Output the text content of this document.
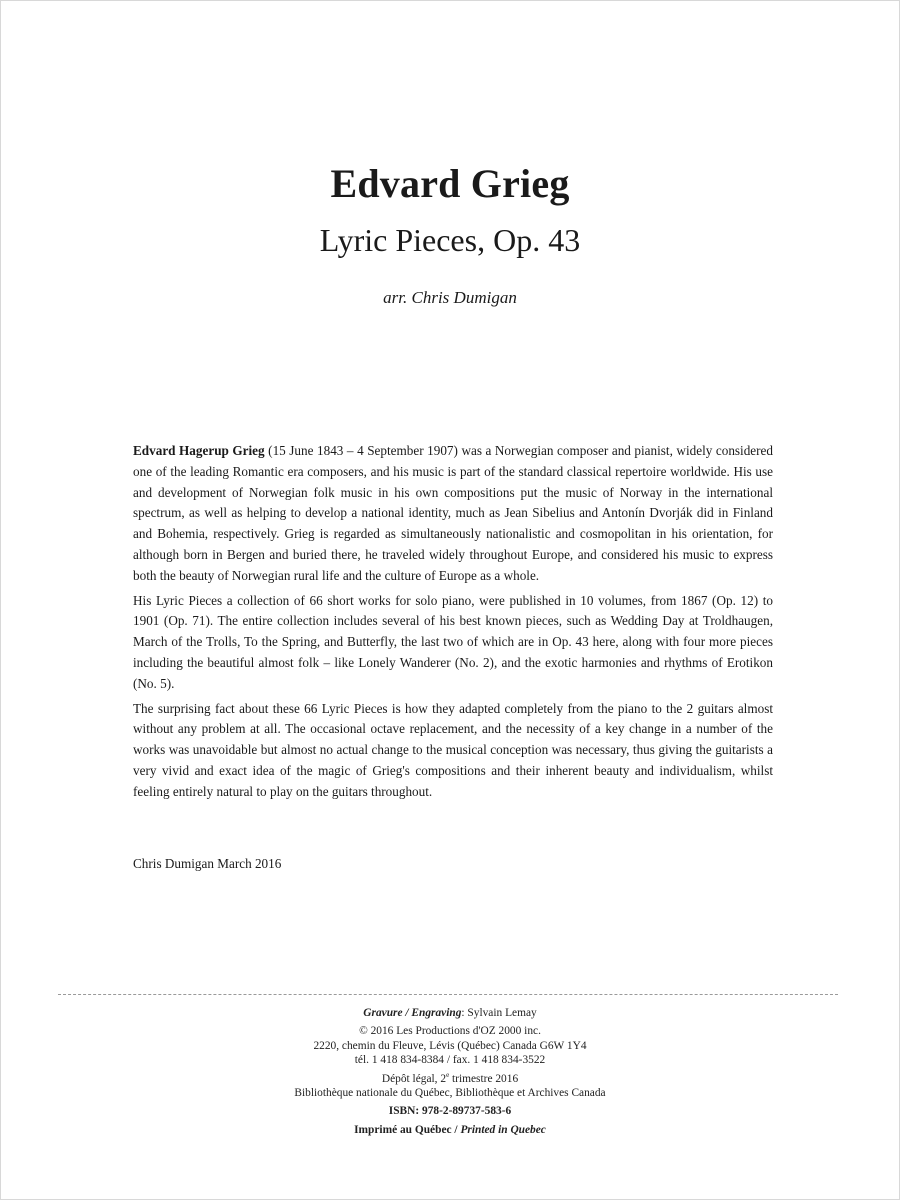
Edvard Grieg
Lyric Pieces, Op. 43
arr. Chris Dumigan

Edvard Hagerup Grieg (15 June 1843 – 4 September 1907) was a Norwegian composer and pianist, widely considered one of the leading Romantic era composers, and his music is part of the standard classical repertoire worldwide. His use and development of Norwegian folk music in his own compositions put the music of Norway in the international spectrum, as well as helping to develop a national identity, much as Jean Sibelius and Antonín Dvorják did in Finland and Bohemia, respectively. Grieg is regarded as simultaneously nationalistic and cosmopolitan in his orientation, for although born in Bergen and buried there, he traveled widely throughout Europe, and considered his music to express both the beauty of Norwegian rural life and the culture of Europe as a whole.

His Lyric Pieces a collection of 66 short works for solo piano, were published in 10 volumes, from 1867 (Op. 12) to 1901 (Op. 71). The entire collection includes several of his best known pieces, such as Wedding Day at Troldhaugen, March of the Trolls, To the Spring, and Butterfly, the last two of which are in Op. 43 here, along with four more pieces including the beautiful almost folk – like Lonely Wanderer (No. 2), and the exotic harmonies and rhythms of Erotikon (No. 5).

The surprising fact about these 66 Lyric Pieces is how they adapted completely from the piano to the 2 guitars almost without any problem at all. The occasional octave replacement, and the necessity of a key change in a number of the works was unavoidable but almost no actual change to the musical conception was necessary, thus giving the guitarists a very vivid and exact idea of the magic of Grieg's compositions and their inherent beauty and individualism, whilst feeling entirely natural to play on the guitars throughout.

Chris Dumigan March 2016
Gravure / Engraving: Sylvain Lemay
© 2016 Les Productions d'OZ 2000 inc.
2220, chemin du Fleuve, Lévis (Québec) Canada G6W 1Y4
tél. 1 418 834-8384 / fax. 1 418 834-3522
Dépôt légal, 2e trimestre 2016
Bibliothèque nationale du Québec, Bibliothèque et Archives Canada
ISBN: 978-2-89737-583-6
Imprimé au Québec / Printed in Quebec
